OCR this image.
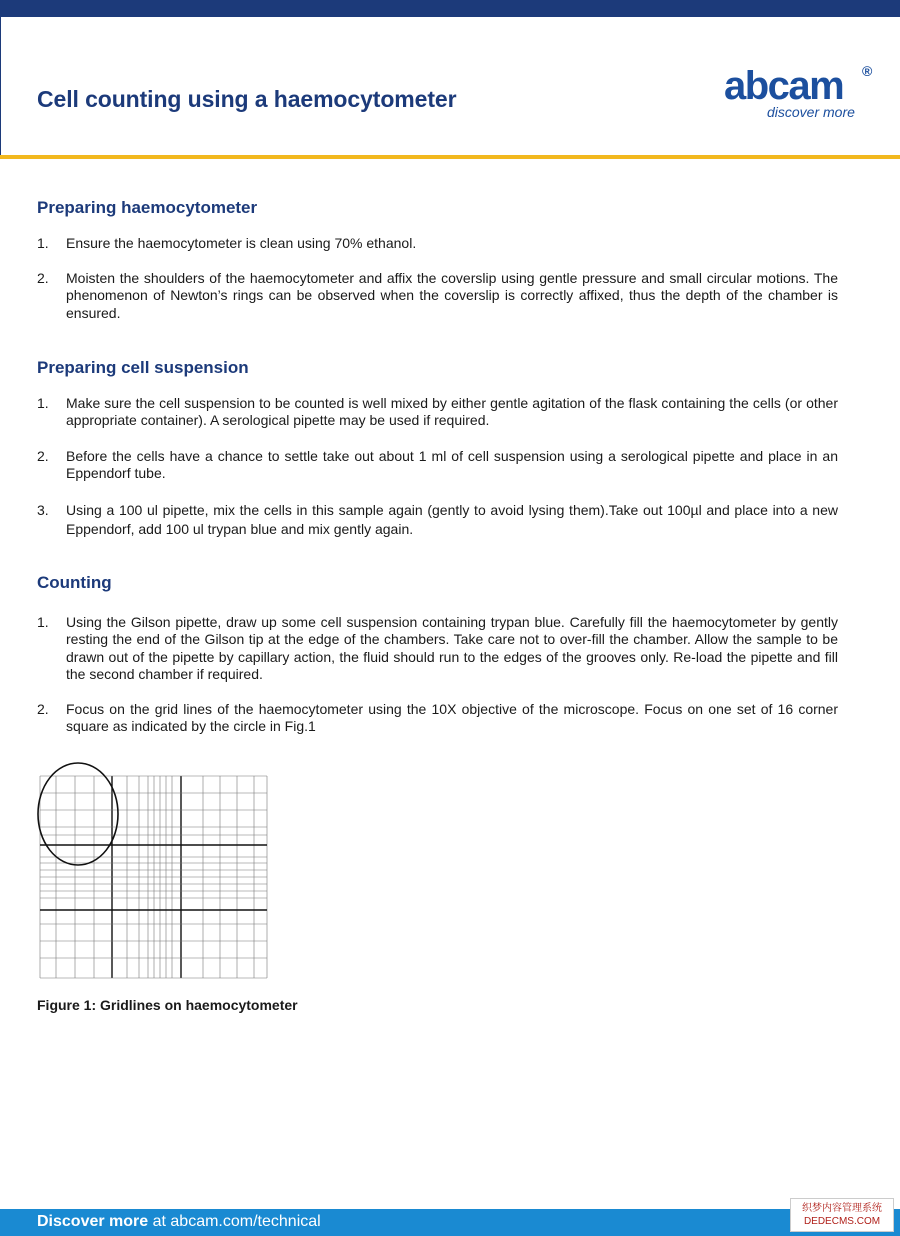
Cell counting using a haemocytometer	abcam ®
discover more
Preparing haemocytometer
1.	Ensure the haemocytometer is clean using 70% ethanol.
2.	Moisten the shoulders of the haemocytometer and affix the coverslip using gentle pressure and small circular motions. The phenomenon of Newton’s rings can be observed when the coverslip is correctly affixed, thus the depth of the chamber is ensured.
Preparing cell suspension
1.	Make sure the cell suspension to be counted is well mixed by either gentle agitation of the flask containing the cells (or other appropriate container). A serological pipette may be used if required.
2.	Before the cells have a chance to settle take out about 1 ml of cell suspension using a serological pipette and place in an Eppendorf tube.
3.	Using a 100 ul pipette, mix the cells in this sample again (gently to avoid lysing them).Take out 100µl and place into a new Eppendorf, add 100 ul trypan blue and mix gently again.
Counting
1.	Using the Gilson pipette, draw up some cell suspension containing trypan blue. Carefully fill the haemocytometer by gently resting the end of the Gilson tip at the edge of the chambers. Take care not to over-fill the chamber. Allow the sample to be drawn out of the pipette by capillary action, the fluid should run to the edges of the grooves only. Re-load the pipette and fill the second chamber if required.
2.	Focus on the grid lines of the haemocytometer using the 10X objective of the microscope. Focus on one set of 16 corner square as indicated by the circle in Fig.1
Figure 1: Gridlines on haemocytometer
Discover more at abcam.com/technical
织梦内容管理系统
DEDECMS.COM
